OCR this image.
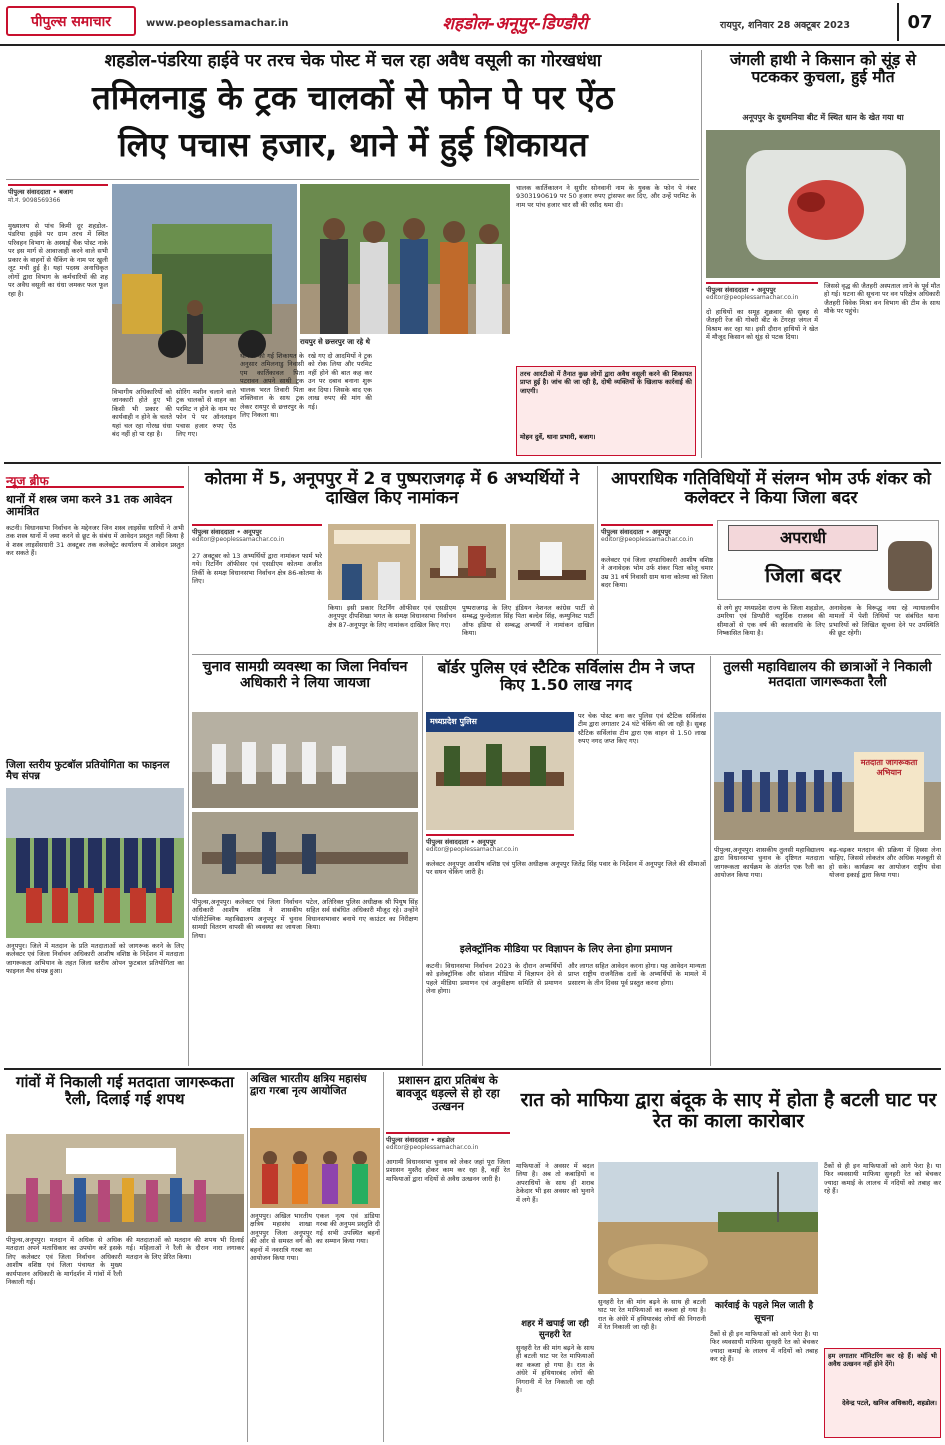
पीपुल्स समाचार	www.peoplessamachar.in	शहडोल-अनूपुर-डिण्डौरी	रायपुर, शनिवार 28 अक्टूबर 2023	07
शहडोल-पंडरिया हाईवे पर तरच चेक पोस्ट में चल रहा अवैध वसूली का गोरखधंधा
तमिलनाडु के ट्रक चालकों से फोन पे पर ऐंठ
लिए पचास हजार, थाने में हुई शिकायत
पीपुल्स संवाददाता • बजाग
मो.नं. 9098569366
मुख्यालय से पांच किमी दूर शहडोल-पंडरिया हाईवे पर ग्राम तरच में स्थित परिवहन विभाग के अस्थाई चैक पोस्ट नाके पर इस मार्ग से आवाजाही करने वाले सभी प्रकार के वाहनों से चैकिंग के नाम पर खुली लूट मची हुई है। यहां पदस्थ अनाधिकृत लोगों द्वारा विभाग के कर्मचारियों की शह पर अवैध वसूली का धंधा जमकर फल फूल रहा है।
रायपुर से छत्तरपुर जा रहे थे
विभागीय अधिकारियों को जानकारी होते हुए भी किसी भी प्रकार की कार्यवाही न होने के चलते यहां चल रहा गोरख धंधा बंद नहीं हो पा रहा है।
सोरिंग मशीन चलाने वाले ट्रक चालकों से वाहन का परमिट न होने के नाम पर फोन पे पर ऑनलाइन पचास हजार रुपए ऐंठ लिए गए।
थाने में की गई शिकायत के अनुसार तमिलनाडु निवासी एम कार्तिकावल पिता पटरावन अपने साथी ट्रक चालक भरत तिवारी पिता शक्तिवाल के साथ ट्रक लेकर रायपुर से छत्तरपुर के लिए निकला था।
रखे गए दो आदमियों ने ट्रक को रोक लिया और परमिट नहीं होने की बात कह कर उन पर दबाव बनाना शुरू कर दिया। जिसके बाद एक लाख रुपए की मांग की गई।
चालक कार्तिकालन ने सुधीर सोनवानी नाम के युवक के फोन पे नंबर 9303190619 पर 50 हजार रुपए ट्रांसफर कर दिए, और उन्हें परमिट के नाम पर पांच हजार चार सौ की रसीद थमा दी।
तरच आरटीओ में तैनात कुछ लोगों द्वारा अवैध वसूली करने की शिकायत प्राप्त हुई है। जांच की जा रही है, दोषी व्यक्तियों के खिलाफ कार्रवाई की जाएगी।
मोहन दुर्वे, थाना प्रभारी, बजाग।
जंगली हाथी ने किसान को सूंड़ से पटककर कुचला, हुई मौत
अनूपपुर के दुधमनिया बीट में स्थित धान के खेत गया था
पीपुल्स संवाददाता • अनूपपुर
editor@peoplessamachar.co.in
दो हाथियों का समूह शुक्रवार की सुबह से जैतहरी रेंज की गोबरी बीट के टेंगरहा जंगल में विश्राम कर रहा था। इसी दौरान हाथियों ने खेत में मौजूद किसान को सूंड़ से पटक दिया।
जिससे वृद्ध की जैतहरी अस्पताल लाने के पूर्व मौत हो गई। घटना की सूचना पर वन परिक्षेत्र अधिकारी जैतहरी विवेक मिश्रा वन विभाग की टीम के साथ मौके पर पहुंचे।
न्यूज ब्रीफ
थानों में शस्त्र जमा करने 31 तक आवेदन आमंत्रित
कटनी। विधानसभा निर्वाचन के मद्देनजर जिन शस्त्र लाइसेंस धारियों ने अभी तक शस्त्र थानों में जमा करने से छूट के संबंध में आवेदन प्रस्तुत नहीं किया है वे शस्त्र लाइसेंसधारी 31 अक्टूबर तक कलेक्ट्रेट कार्यालय में आवेदन प्रस्तुत कर सकते हैं।
जिला स्तरीय फुटबॉल प्रतियोगिता का फाइनल मैच संपन्न
अनूपपुर। जिले में मतदान के प्रति मतदाताओं को जागरूक करने के लिए कलेक्टर एवं जिला निर्वाचन अधिकारी आशीष वशिष्ठ के निर्देशन में मतदाता जागरूकता अभियान के तहत जिला स्तरीय ओपन फुटबाल प्रतियोगिता का फाइनल मैच संपन्न हुआ।
कोतमा में 5, अनूपपुर में 2 व पुष्पराजगढ़ में 6 अभ्यर्थियों ने दाखिल किए नामांकन
पीपुल्स संवाददाता • अनूपपुर
editor@peoplessamachar.co.in
27 अक्टूबर को 13 अभ्यर्थियों द्वारा नामांकन फार्म भरे गये। रिटर्निंग ऑफीसर एवं एसडीएम कोतमा अजीत तिर्की के समक्ष विधानसभा निर्वाचन क्षेत्र 86-कोतमा के लिए।
किया। इसी प्रकार रिटर्निंग ऑफीसर एवं एसडीएम अनूपपुर दीपशिखा भगत के समक्ष विधानसभा निर्वाचन क्षेत्र 87-अनूपपुर के लिए नामांकन दाखिल किए गए।
पुष्पराजगढ़ के लिए इंडियन नेशनल कांग्रेस पार्टी से सम्बद्ध फुन्देलाल सिंह पिता बल्देव सिंह, कम्युनिस्ट पार्टी ऑफ इंडिया से सम्बद्ध अभ्यर्थी ने नामांकन दाखिल किया।
आपराधिक गतिविधियों में संलग्न भोम उर्फ शंकर को कलेक्टर ने किया जिला बदर
पीपुल्स संवाददाता • अनूपपुर
editor@peoplessamachar.co.in	अपराधी
जिला बदर
कलेक्टर एवं जिला दण्डाधिकारी आशीष वशिष्ठ ने अनावेदक भोम उर्फ शंकर पिता कोलू चमार उम्र 31 वर्ष निवासी ग्राम थाना कोतमा को जिला बदर किया।
से लगे हुए मध्यप्रदेश राज्य के जिला शहडोल, उमरिया एवं डिण्डौरी चतुर्दिक राजस्व की सीमाओं से एक वर्ष की कालावधि के लिए निष्कासित किया है।
अनावेदक के विरूद्ध नया रहे न्यायालयीन मामलों में पेशी तिथियों पर संबंधित थाना प्रभारियों को लिखित सूचना देने पर उपस्थिति की छूट रहेगी।
चुनाव सामग्री व्यवस्था का जिला निर्वाचन अधिकारी ने लिया जायजा
पीपुल्स,अनूपपुर। कलेक्टर एवं जिला निर्वाचन अधिकारी आशीष वशिष्ठ ने शासकीय पॉलीटेक्निक महाविद्यालय अनूपपुर में चुनाव सामग्री वितरण वापसी की व्यवस्था का जायजा लिया।
पटेल, अतिरिक्त पुलिस अधीक्षक श्री पियूष सिंह सहित सर्व संबंधित अधिकारी मौजूद रहे। उन्होंने विधानसभावार बनाये गए काउंटर का निरीक्षण किया।
बॉर्डर पुलिस एवं स्टैटिक सर्विलांस टीम ने जप्त किए 1.50 लाख नगद
मध्यप्रदेश पुलिस
पीपुल्स संवाददाता • अनूपपुर
editor@peoplessamachar.co.in
पर चेक पोस्ट बना कर पुलिस एवं स्टैटिक सर्विलांस टीम द्वारा लगातार 24 घंटे चेकिंग की जा रही है। सुबह स्टैटिक सर्विलांस टीम द्वारा एक वाहन से 1.50 लाख रुपए नगद जप्त किए गए।
कलेक्टर अनूपपुर आशीष वशिष्ठ एवं पुलिस अधीक्षक अनूपपुर जितेंद्र सिंह पवार के निर्देशन में अनूपपुर जिले की सीमाओं पर सघन चेकिंग जारी है।
इलेक्ट्रॉनिक मीडिया पर विज्ञापन के लिए लेना होगा प्रमाणन
कटनी। विधानसभा निर्वाचन 2023 के दौरान अभ्यर्थियों को इलेक्ट्रॉनिक और सोशल मीडिया में विज्ञापन देने से पहले मीडिया प्रमाणन एवं अनुवीक्षण समिति से प्रमाणन लेना होगा।
और लागत सहित आवेदन करना होगा। यह आवेदन मान्यता प्राप्त राष्ट्रीय राजनैतिक दलों के अभ्यर्थियों के मामले में प्रसारण के तीन दिवस पूर्व प्रस्तुत करना होगा।
तुलसी महाविद्यालय की छात्राओं ने निकाली मतदाता जागरूकता रैली
मतदाता जागरूकता अभियान
पीपुल्स,अनूपपुर। शासकीय तुलसी महाविद्यालय द्वारा विधानसभा चुनाव के दृष्टिगत मतदाता जागरूकता कार्यक्रम के अंतर्गत एक रैली का आयोजन किया गया।
बढ़-चढ़कर मतदान की प्रक्रिया में हिस्सा लेना चाहिए, जिससे लोकतंत्र और अधिक मजबूती से हो सके। कार्यक्रम का आयोजन राष्ट्रीय सेवा योजना इकाई द्वारा किया गया।
गांवों में निकाली गई मतदाता जागरूकता रैली, दिलाई गई शपथ
पीपुल्स,अनूपपुर। मतदान में अधिक से अधिक मतदाता अपने मताधिकार का उपयोग करें इसके लिए कलेक्टर एवं जिला निर्वाचन अधिकारी आशीष वशिष्ठ एवं जिला पंचायत के मुख्य कार्यपालन अधिकारी के मार्गदर्शन में गांवों में रैली निकाली गई।
की मतदाताओं को मतदान की शपथ भी दिलाई गई। महिलाओं ने रैली के दौरान नारा लगाकर मतदान के लिए प्रेरित किया।
अखिल भारतीय क्षत्रिय महासंघ द्वारा गरबा नृत्य आयोजित
अनूपपुर। अखिल भारतीय क्षत्रिय महासंघ शाखा अनूपपुर जिला अनूपपुर की ओर से समस्त वर्ग की बहनों में नवरात्रि गरबा का आयोजन किया गया।
एकल नृत्य एवं डांडिया गरबा की अनुपम प्रस्तुति दी गई सभी उपस्थित बहनों का सम्मान किया गया।
प्रशासन द्वारा प्रतिबंध के बावजूद धड़ल्ले से हो रहा उत्खनन
पीपुल्स संवाददाता • शहडोल
editor@peoplessamachar.co.in
आगामी विधानसभा चुनाव को लेकर जहां पूरा जिला प्रशासन मुस्तैद होकर काम कर रहा है, वहीं रेत माफियाओं द्वारा नदियों से अवैध उत्खनन जारी है।
रात को माफिया द्वारा बंदूक के साए में होता है बटली घाट पर रेत का काला कारोबार
माफियाओं ने अवसर में बदल लिया है। अब तो कबाड़ियों व अपराधियों के साथ ही शराब ठेकेदार भी इस अवसर को भुनाने में लगे हैं।
शहर में खपाई जा रही सुनहरी रेत
सुनहरी रेत की मांग बढ़ने के साथ ही बटली घाट पर रेत माफियाओं का कब्जा हो गया है। रात के अंधेरे में हथियारबंद लोगों की निगरानी में रेत निकाली जा रही है।
सुनहरी रेत की मांग बढ़ने के साथ ही बटली घाट पर रेत माफियाओं का कब्जा हो गया है। रात के अंधेरे में हथियारबंद लोगों की निगरानी में रेत निकाली जा रही है।
कार्रवाई के पहले मिल जाती है सूचना
टैंकों से ही इन माफियाओं को आगे फेरा है। या फिर व्यवसायी माफिया सुनहरी रेत को बेचकर ज्यादा कमाई के लालच में नदियों को तबाह कर रहे हैं।
टैंकों से ही इन माफियाओं को आगे फेरा है। या फिर व्यवसायी माफिया सुनहरी रेत को बेचकर ज्यादा कमाई के लालच में नदियों को तबाह कर रहे हैं।
हम लगातार मॉनिटरिंग कर रहे हैं। कोई भी अवैध उत्खनन नहीं होने देंगे।
देवेन्द्र पटले, खनिज अधिकारी, शहडोल।
